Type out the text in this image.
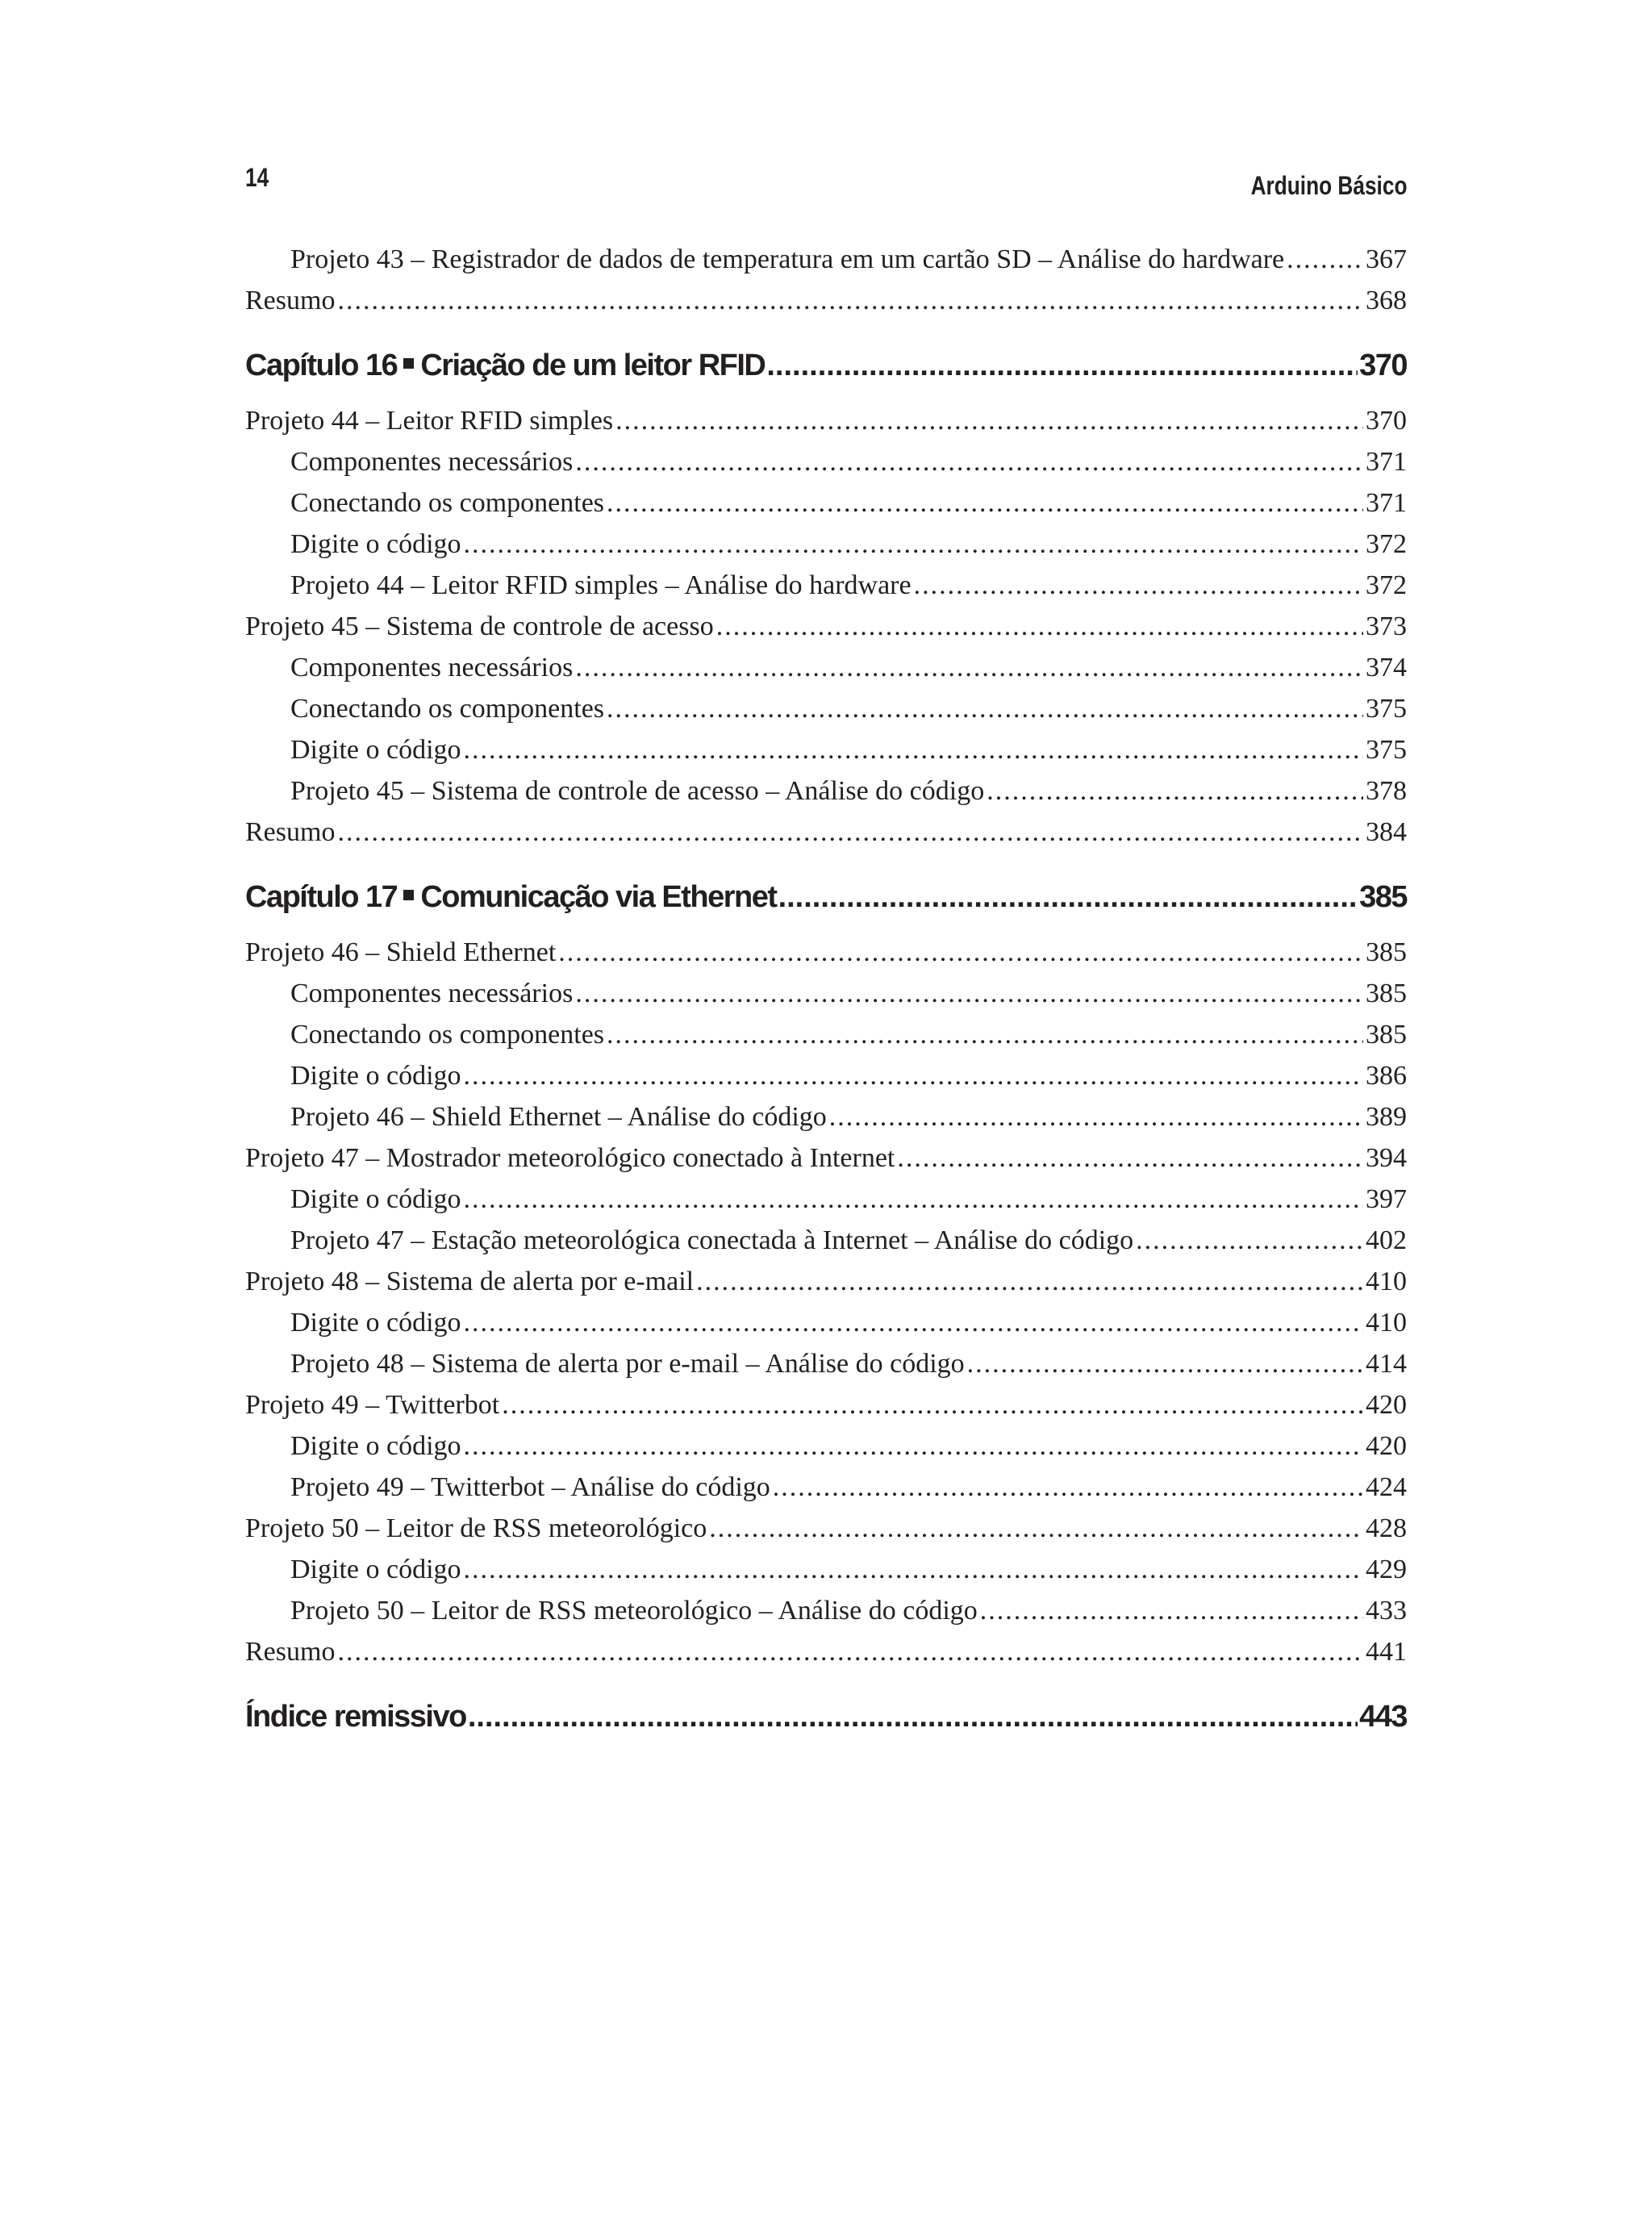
14	Arduino Básico
Projeto 43 – Registrador de dados de temperatura em um cartão SD – Análise do hardware .....	367
Resumo .....	368
Capítulo 16 Criação de um leitor RFID .....	370
Projeto 44 – Leitor RFID simples .....	370
Componentes necessários .....	371
Conectando os componentes .....	371
Digite o código .....	372
Projeto 44 – Leitor RFID simples – Análise do hardware .....	372
Projeto 45 – Sistema de controle de acesso .....	373
Componentes necessários .....	374
Conectando os componentes .....	375
Digite o código .....	375
Projeto 45 – Sistema de controle de acesso – Análise do código .....	378
Resumo .....	384
Capítulo 17 Comunicação via Ethernet .....	385
Projeto 46 – Shield Ethernet .....	385
Componentes necessários .....	385
Conectando os componentes .....	385
Digite o código .....	386
Projeto 46 – Shield Ethernet – Análise do código .....	389
Projeto 47 – Mostrador meteorológico conectado à Internet .....	394
Digite o código .....	397
Projeto 47 – Estação meteorológica conectada à Internet – Análise do código .....	402
Projeto 48 – Sistema de alerta por e-mail .....	410
Digite o código .....	410
Projeto 48 – Sistema de alerta por e-mail – Análise do código .....	414
Projeto 49 – Twitterbot .....	420
Digite o código .....	420
Projeto 49 – Twitterbot – Análise do código .....	424
Projeto 50 – Leitor de RSS meteorológico .....	428
Digite o código .....	429
Projeto 50 – Leitor de RSS meteorológico – Análise do código .....	433
Resumo .....	441
Índice remissivo .....	443
